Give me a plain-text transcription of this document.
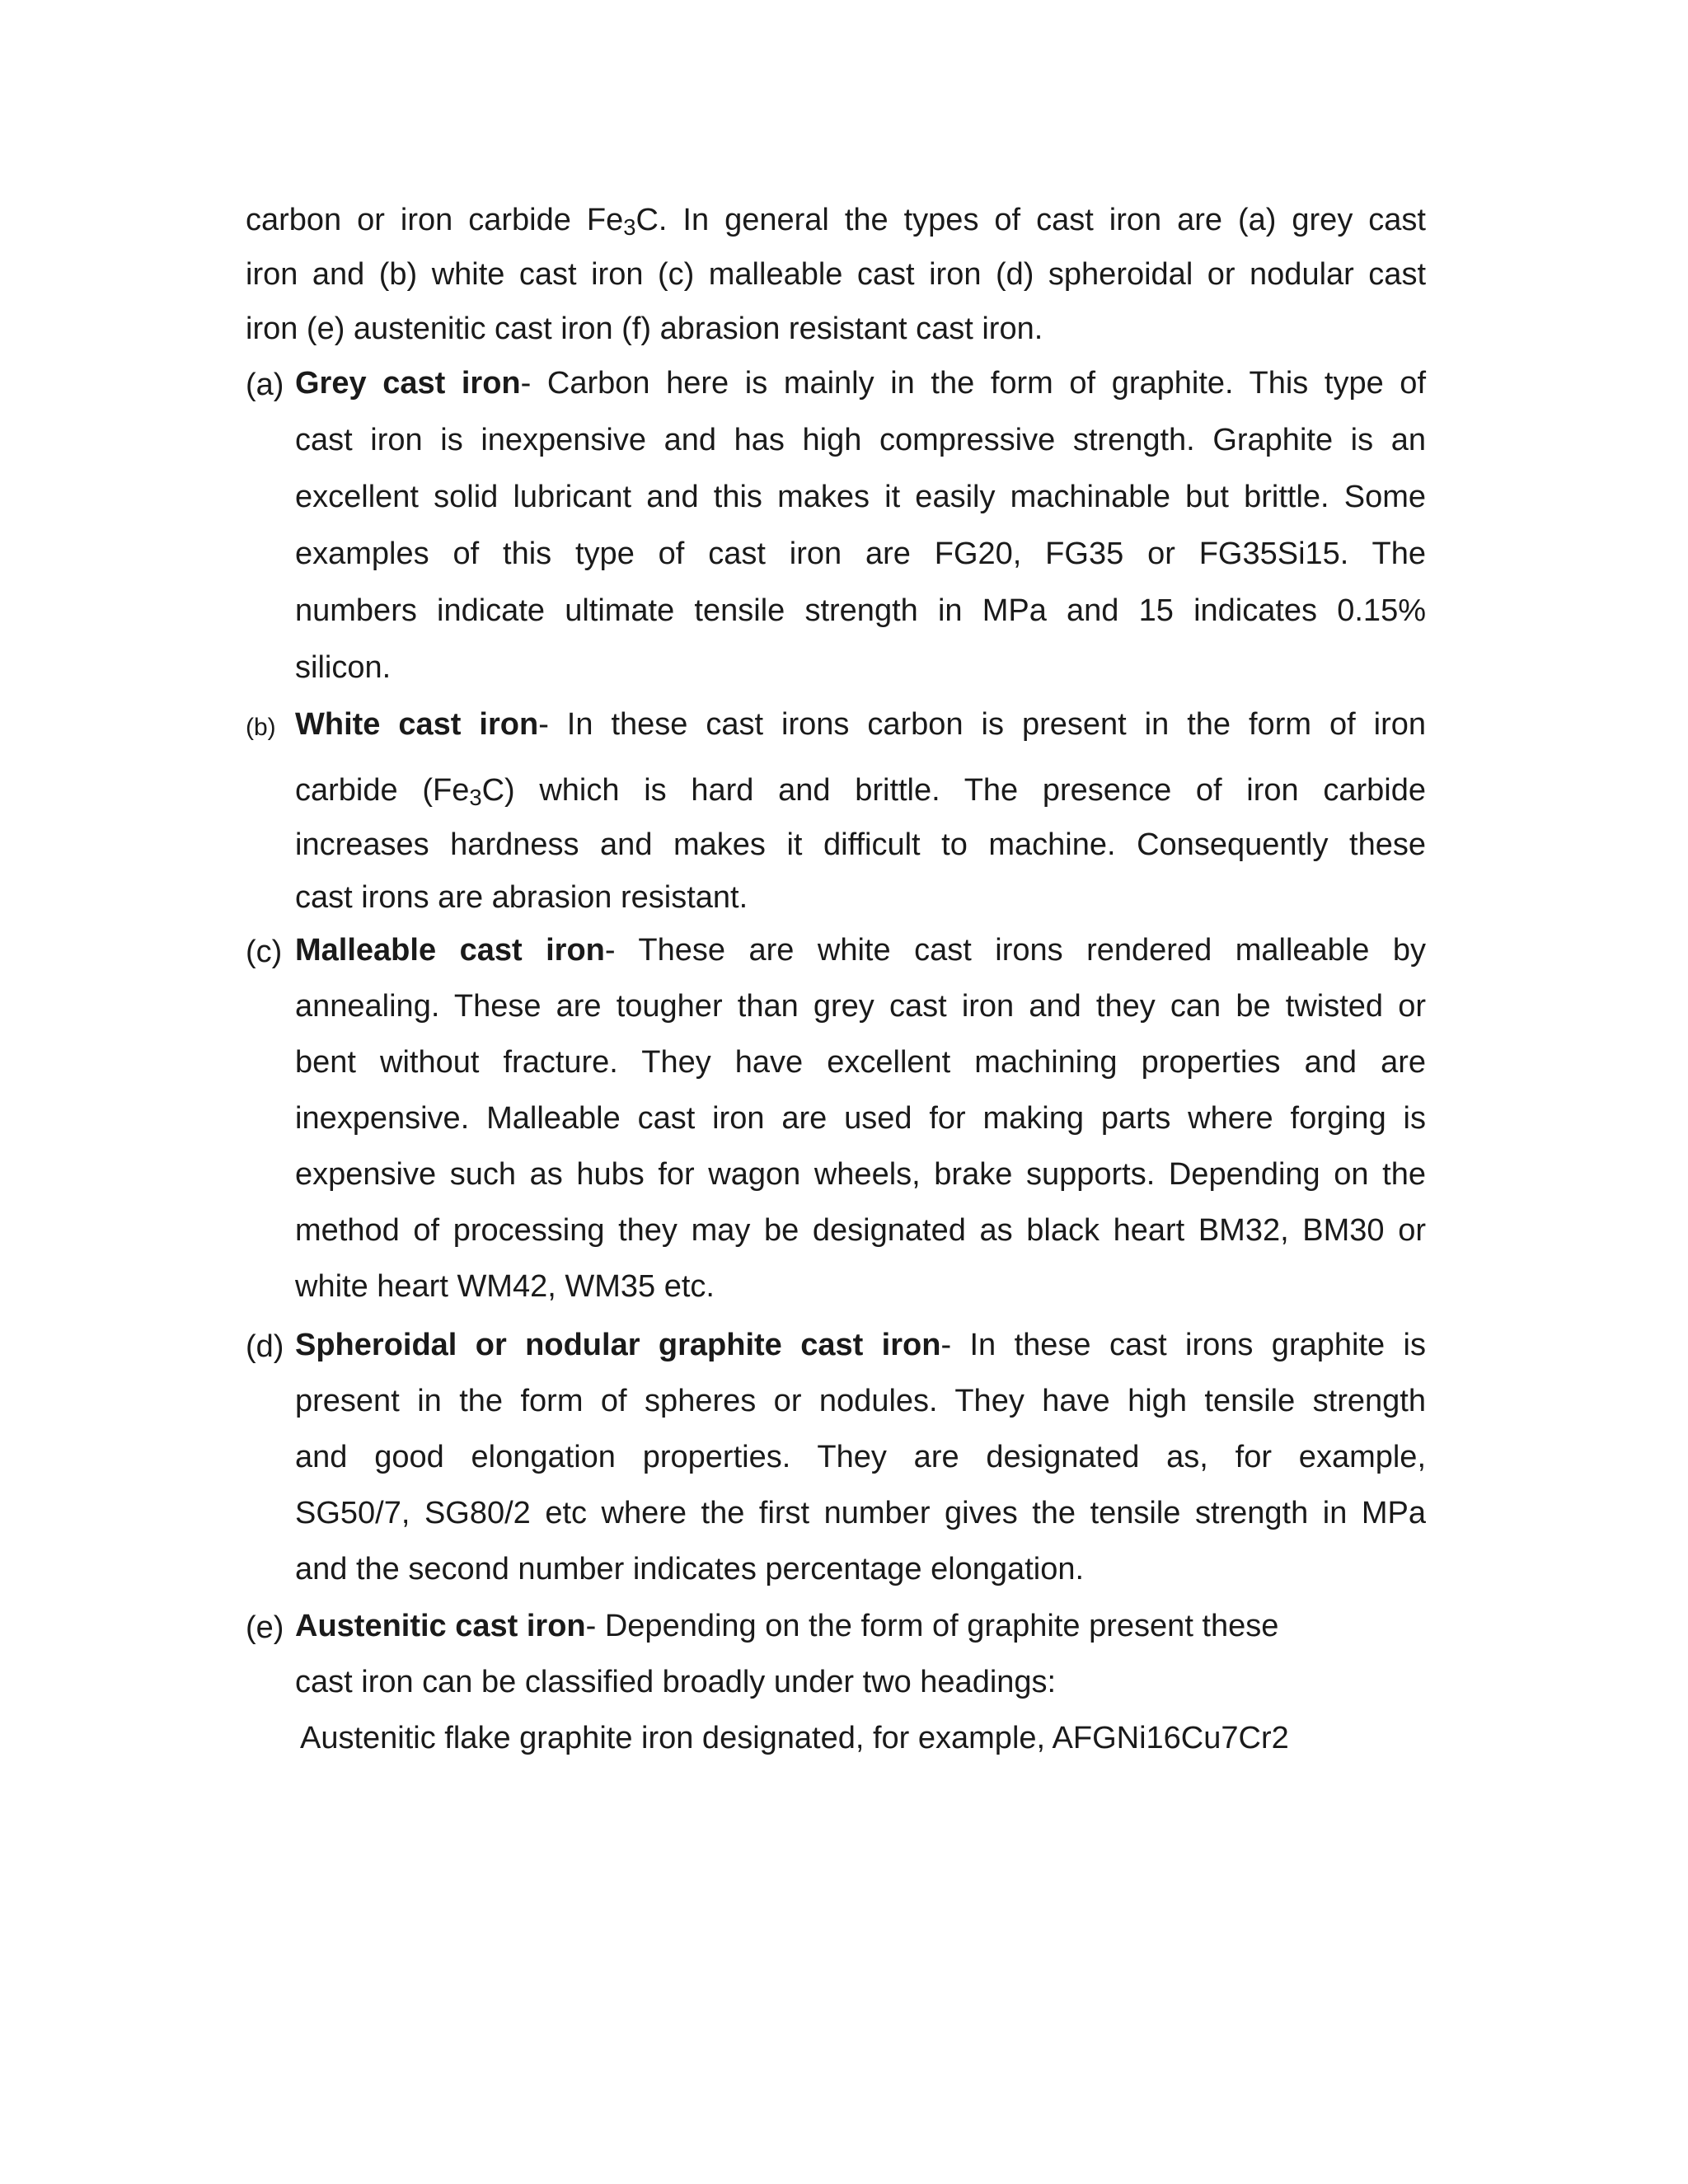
carbon or iron carbide $Fe_3C$. In general the types of cast iron are (a) grey cast
iron and (b) white cast iron (c) malleable cast iron (d) spheroidal or nodular cast
iron (e) austenitic cast iron (f) abrasion resistant cast iron.
(a) Grey cast iron- Carbon here is mainly in the form of graphite. This type of
cast iron is inexpensive and has high compressive strength. Graphite is an
excellent solid lubricant and this makes it easily machinable but brittle. Some
examples of this type of cast iron are FG20, FG35 or FG35Si15. The
numbers indicate ultimate tensile strength in MPa and 15 indicates 0.15%
silicon.
(b) White cast iron- In these cast irons carbon is present in the form of iron
carbide $(Fe_3C)$ which is hard and brittle. The presence of iron carbide
increases hardness and makes it difficult to machine. Consequently these
cast irons are abrasion resistant.
(c) Malleable cast iron- These are white cast irons rendered malleable by
annealing. These are tougher than grey cast iron and they can be twisted or
bent without fracture. They have excellent machining properties and are
inexpensive. Malleable cast iron are used for making parts where forging is
expensive such as hubs for wagon wheels, brake supports. Depending on the
method of processing they may be designated as black heart BM32, BM30 or
white heart WM42, WM35 etc.
(d) Spheroidal or nodular graphite cast iron- In these cast irons graphite is
present in the form of spheres or nodules. They have high tensile strength
and good elongation properties. They are designated as, for example,
SG50/7, SG80/2 etc where the first number gives the tensile strength in MPa
and the second number indicates percentage elongation.
(e) Austenitic cast iron- Depending on the form of graphite present these
cast iron can be classified broadly under two headings:
Austenitic flake graphite iron designated, for example, AFGNi16Cu7Cr2
